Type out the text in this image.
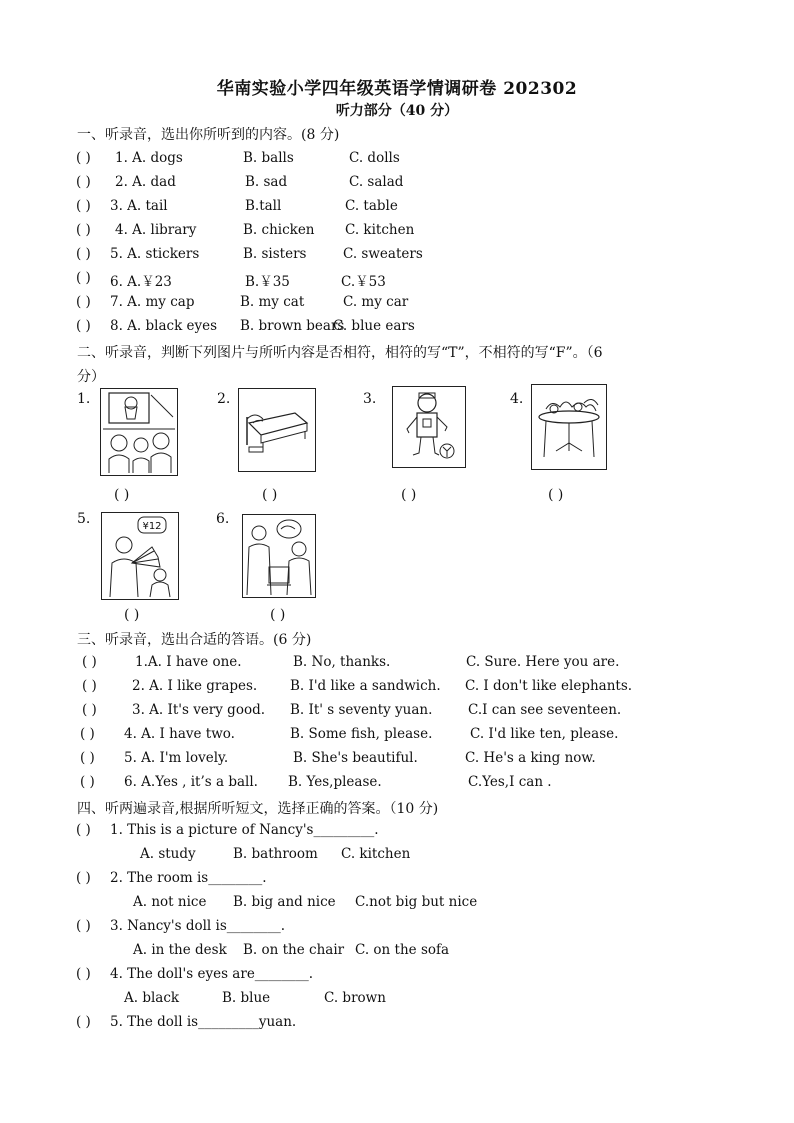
华南实验小学四年级英语学情调研卷 202302
听力部分（40 分）
一、听录音，选出你所听到的内容。(8 分)
( ) 1. A. dogs	B. balls	C. dolls
( ) 2. A. dad	B. sad	C. salad
( ) 3. A. tail	B.tall	C. table
( ) 4. A. library	B. chicken C. kitchen
( ) 5. A. stickers	B. sisters	C. sweaters
( ) 6. A.￥23	B.￥35	C.￥53
( ) 7. A. my cap	B. my cat	C. my car
( ) 8. A. black eyes B. brown bears
C. blue ears
二、听录音，判断下列图片与所听内容是否相符，相符的写“T”，不相符的写“F”。（6
分）
1.
( )
2.
( )
3.
( )
4.
( )
5.	¥12
( )
6.
( )
三、听录音，选出合适的答语。(6 分)
( )	1.A. I have one.	B. No, thanks.	C. Sure. Here you are.
( )	2. A. I like grapes. B. I'd like a sandwich. C. I don't like elephants.
( )	3. A. It's very good. B. It' s seventy yuan.	C.I can see seventeen.
( ) 4. A. I have two.	B. Some fish, please.	C. I'd like ten, please.
( ) 5. A. I'm lovely.	B. She's beautiful.	C. He's a king now.
( ) 6. A.Yes , it’s a ball. B. Yes,please.	C.Yes,I can .
四、听两遍录音,根据所听短文，选择正确的答案。（10 分)
( ) 1. This is a picture of Nancy's_________.
A. study	B. bathroom C. kitchen
( ) 2. The room is________.
A. not nice B. big and nice C.not big but nice
( ) 3. Nancy's doll is________.
A. in the desk B. on the chair C. on the sofa
( ) 4. The doll's eyes are________.
A. black	B. blue	C. brown
( ) 5. The doll is_________yuan.
